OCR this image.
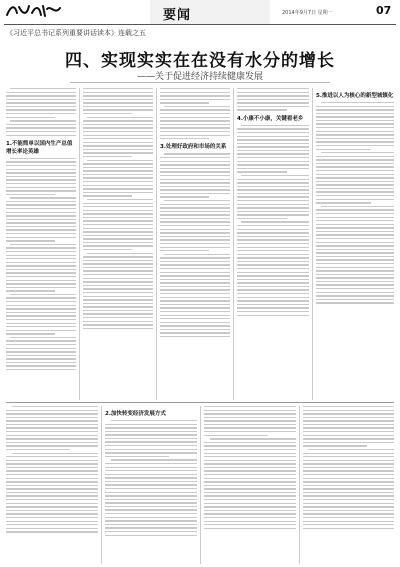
要闻	2014年9月7日 星期一	07
《习近平总书记系列重要讲话读本》连载之五
四、实现实实在在没有水分的增长
——关于促进经济持续健康发展
1.不能简单以国内生产总值增长率论英雄
3.处理好政府和市场的关系
4.小康不小康，关键看老乡
5.推进以人为核心的新型城镇化
2.加快转变经济发展方式
